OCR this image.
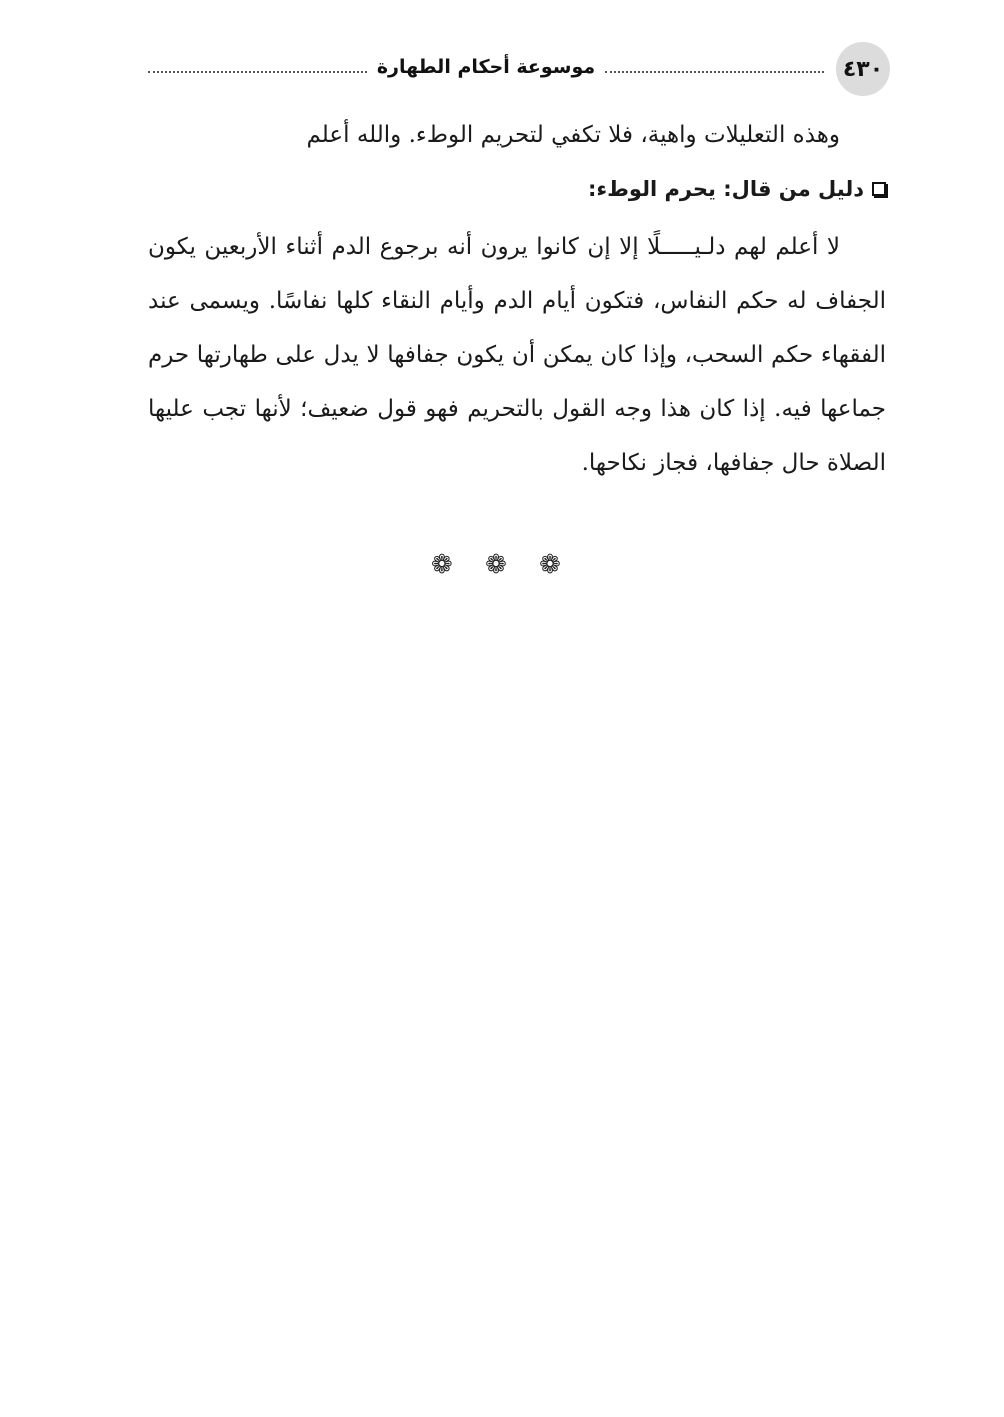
٤٣٠
موسوعة أحكام الطهارة
وهذه التعليلات واهية، فلا تكفي لتحريم الوطء. والله أعلم
دليل من قال: يحرم الوطء:
لا أعلم لهم دلـيـــــلًا إلا إن كانوا يرون أنه برجوع الدم أثناء الأربعين يكون
الجفاف له حكم النفاس، فتكون أيام الدم وأيام النقاء كلها نفاسًا. ويسمى عند
الفقهاء حكم السحب، وإذا كان يمكن أن يكون جفافها لا يدل على طهارتها حرم
جماعها فيه. إذا كان هذا وجه القول بالتحريم فهو قول ضعيف؛ لأنها تجب عليها
الصلاة حال جفافها، فجاز نكاحها.
❁ ❁ ❁
